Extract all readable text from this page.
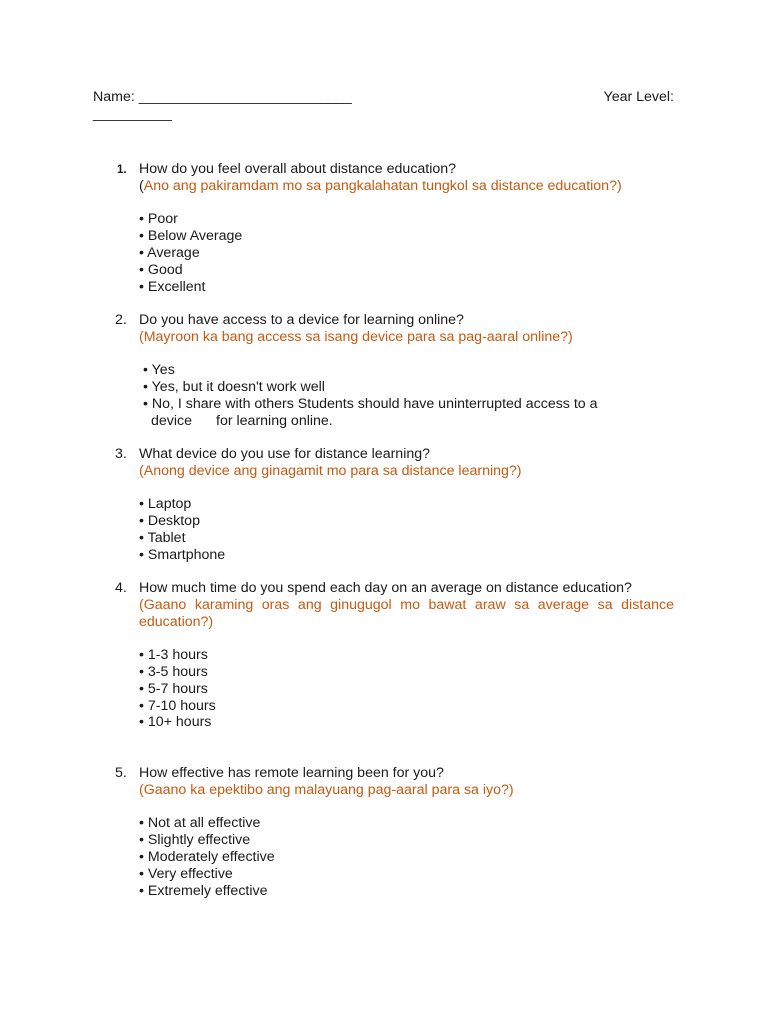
Name: ___________________________	Year Level:
__________
1. How do you feel overall about distance education?
(Ano ang pakiramdam mo sa pangkalahatan tungkol sa distance education?)
• Poor
• Below Average
• Average
• Good
• Excellent
2. Do you have access to a device for learning online?
(Mayroon ka bang access sa isang device para sa pag-aaral online?)
• Yes
• Yes, but it doesn't work well
• No, I share with others Students should have uninterrupted access to a
device for learning online.
3. What device do you use for distance learning?
(Anong device ang ginagamit mo para sa distance learning?)
• Laptop
• Desktop
• Tablet
• Smartphone
4. How much time do you spend each day on an average on distance education?
(Gaano karaming oras ang ginugugol mo bawat araw sa average sa distance education?)
• 1-3 hours
• 3-5 hours
• 5-7 hours
• 7-10 hours
• 10+ hours
5. How effective has remote learning been for you?
(Gaano ka epektibo ang malayuang pag-aaral para sa iyo?)
• Not at all effective
• Slightly effective
• Moderately effective
• Very effective
• Extremely effective
